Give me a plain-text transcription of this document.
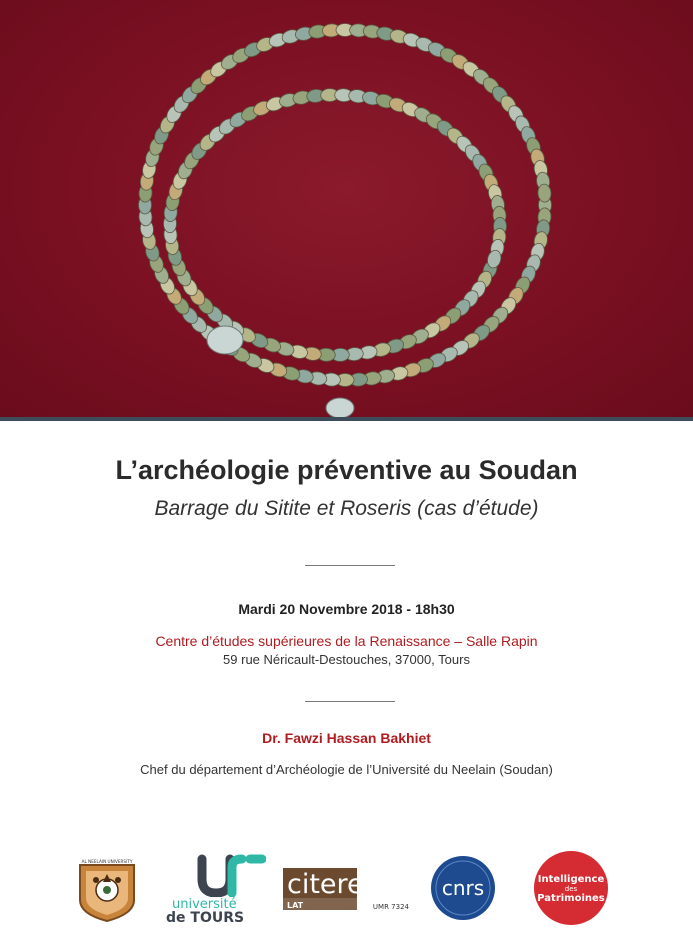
L’archéologie préventive au Soudan
Barrage du Sitite et Roseris (cas d’étude)
Mardi 20 Novembre 2018 - 18h30
Centre d’études supérieures de la Renaissance – Salle Rapin
59 rue Néricault-Destouches, 37000, Tours
Dr. Fawzi Hassan Bakhiet
Chef du département d’Archéologie de l’Université du Neelain (Soudan)
AL NEELAIN UNIVERSITY
université
de TOURS
citeres
LAT	UMR 7324
cnrs	Intelligence
des
Patrimoines
